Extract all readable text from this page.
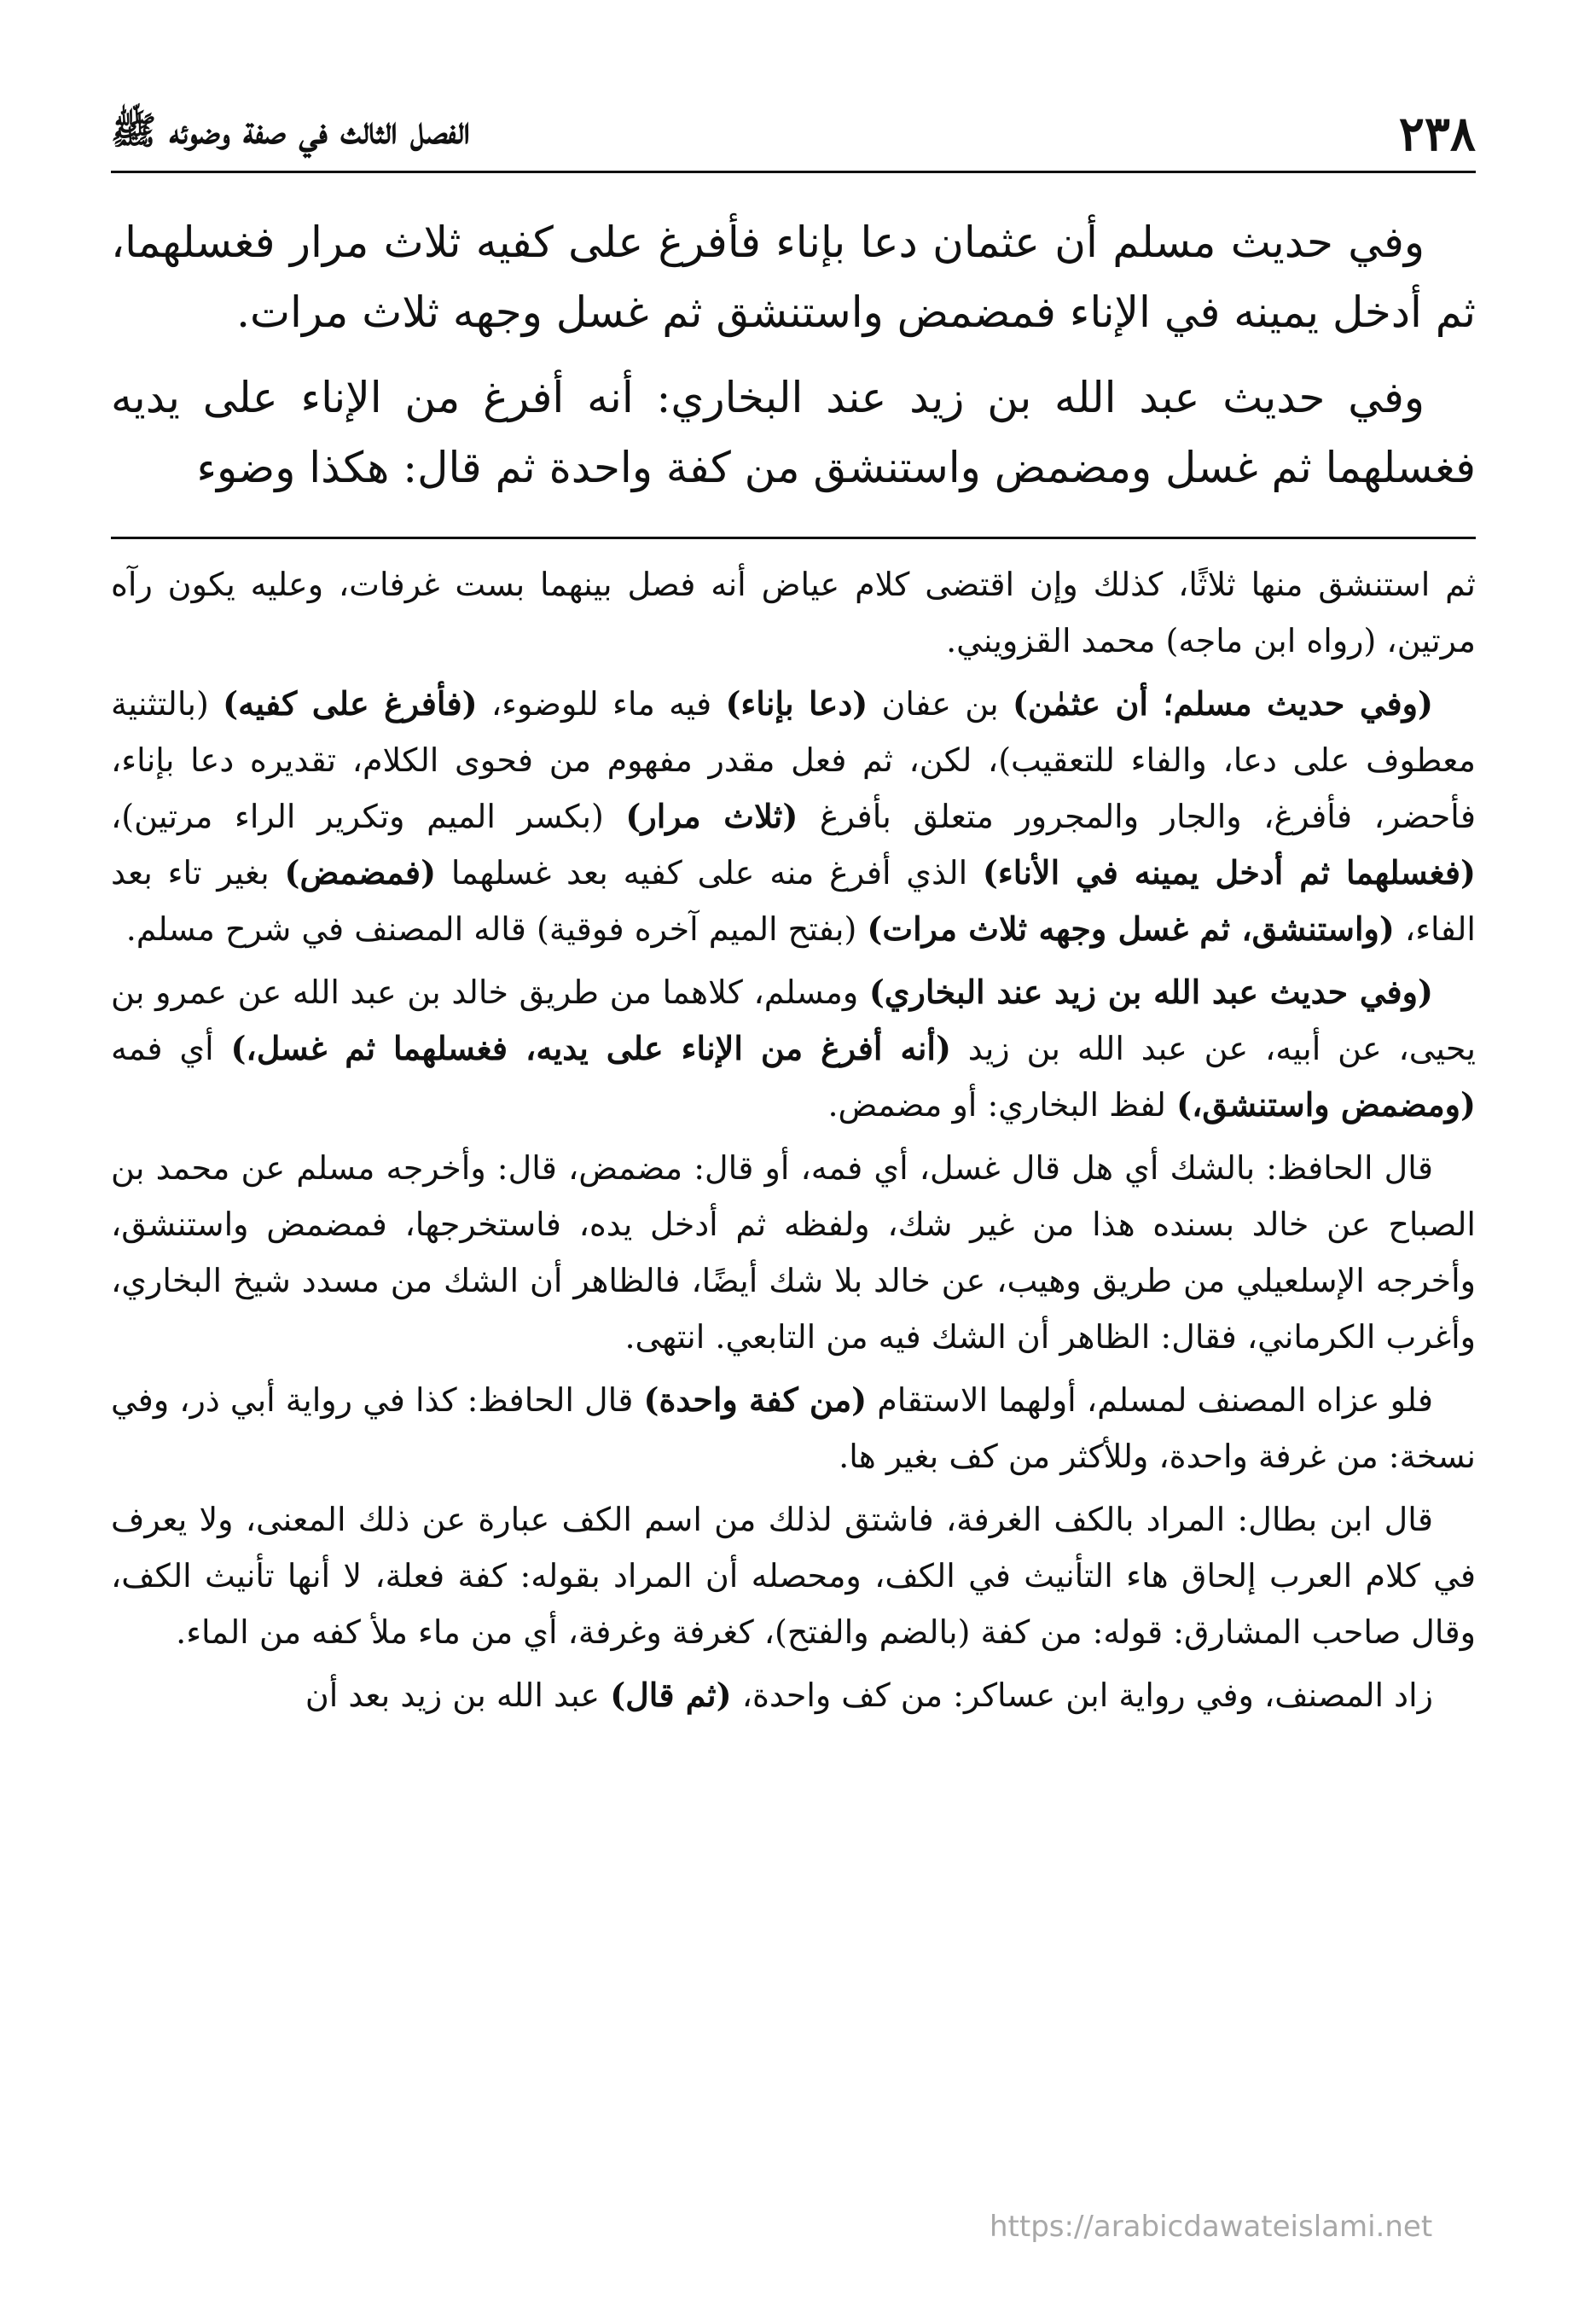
٢٣٨
الفصل الثالث في صفة وضوئه ﷺ

وفي حديث مسلم أن عثمان دعا بإناء فأفرغ على كفيه ثلاث مرار فغسلهما، ثم أدخل يمينه في الإناء فمضمض واستنشق ثم غسل وجهه ثلاث مرات.

وفي حديث عبد الله بن زيد عند البخاري: أنه أفرغ من الإناء على يديه فغسلهما ثم غسل ومضمض واستنشق من كفة واحدة ثم قال: هكذا وضوء

ثم استنشق منها ثلاثًا، كذلك وإن اقتضى كلام عياض أنه فصل بينهما بست غرفات، وعليه يكون رآه مرتين، (رواه ابن ماجه) محمد القزويني.

(وفي حديث مسلم؛ أن عثمٰن) بن عفان (دعا بإناء) فيه ماء للوضوء، (فأفرغ على كفيه) (بالتثنية معطوف على دعا، والفاء للتعقيب)، لكن، ثم فعل مقدر مفهوم من فحوى الكلام، تقديره دعا بإناء، فأحضر، فأفرغ، والجار والمجرور متعلق بأفرغ (ثلاث مرار) (بكسر الميم وتكرير الراء مرتين)، (فغسلهما ثم أدخل يمينه في الأناء) الذي أفرغ منه على كفيه بعد غسلهما (فمضمض) بغير تاء بعد الفاء، (واستنشق، ثم غسل وجهه ثلاث مرات) (بفتح الميم آخره فوقية) قاله المصنف في شرح مسلم.

(وفي حديث عبد الله بن زيد عند البخاري) ومسلم، كلاهما من طريق خالد بن عبد الله عن عمرو بن يحيى، عن أبيه، عن عبد الله بن زيد (أنه أفرغ من الإناء على يديه، فغسلهما ثم غسل،) أي فمه (ومضمض واستنشق،) لفظ البخاري: أو مضمض.

قال الحافظ: بالشك أي هل قال غسل، أي فمه، أو قال: مضمض، قال: وأخرجه مسلم عن محمد بن الصباح عن خالد بسنده هذا من غير شك، ولفظه ثم أدخل يده، فاستخرجها، فمضمض واستنشق، وأخرجه الإسلعيلي من طريق وهيب، عن خالد بلا شك أيضًا، فالظاهر أن الشك من مسدد شيخ البخاري، وأغرب الكرماني، فقال: الظاهر أن الشك فيه من التابعي. انتهى.

فلو عزاه المصنف لمسلم، أولهما الاستقام (من كفة واحدة) قال الحافظ: كذا في رواية أبي ذر، وفي نسخة: من غرفة واحدة، وللأكثر من كف بغير ها.

قال ابن بطال: المراد بالكف الغرفة، فاشتق لذلك من اسم الكف عبارة عن ذلك المعنى، ولا يعرف في كلام العرب إلحاق هاء التأنيث في الكف، ومحصله أن المراد بقوله: كفة فعلة، لا أنها تأنيث الكف، وقال صاحب المشارق: قوله: من كفة (بالضم والفتح)، كغرفة وغرفة، أي من ماء ملأ كفه من الماء.

زاد المصنف، وفي رواية ابن عساكر: من كف واحدة، (ثم قال) عبد الله بن زيد بعد أن

https://arabicdawateislami.net
